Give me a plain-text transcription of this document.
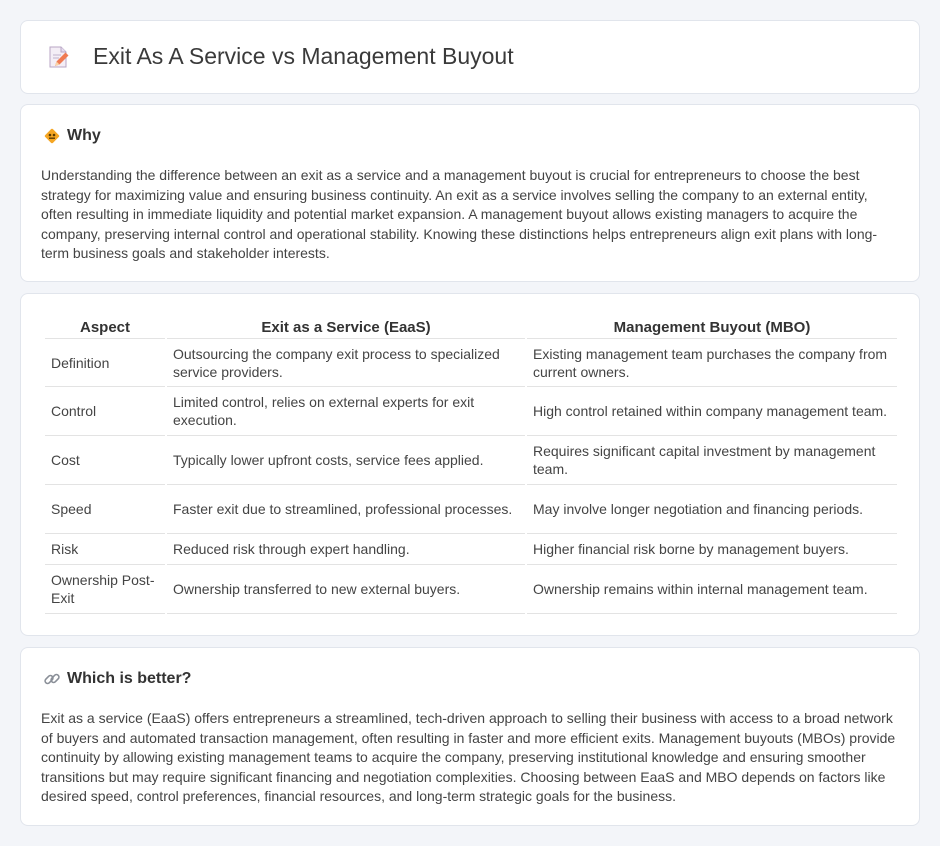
Exit As A Service vs Management Buyout
Why

Understanding the difference between an exit as a service and a management buyout is crucial for entrepreneurs to choose the best strategy for maximizing value and ensuring business continuity. An exit as a service involves selling the company to an external entity, often resulting in immediate liquidity and potential market expansion. A management buyout allows existing managers to acquire the company, preserving internal control and operational stability. Knowing these distinctions helps entrepreneurs align exit plans with long-term business goals and stakeholder interests.

Aspect	Exit as a Service (EaaS)	Management Buyout (MBO)
Definition	Outsourcing the company exit process to specialized service providers.	Existing management team purchases the company from current owners.
Control	Limited control, relies on external experts for exit execution.	High control retained within company management team.
Cost	Typically lower upfront costs, service fees applied.	Requires significant capital investment by management team.
Speed	Faster exit due to streamlined, professional processes.	May involve longer negotiation and financing periods.
Risk	Reduced risk through expert handling.	Higher financial risk borne by management buyers.
Ownership Post-Exit	Ownership transferred to new external buyers.	Ownership remains within internal management team.
Which is better?

Exit as a service (EaaS) offers entrepreneurs a streamlined, tech-driven approach to selling their business with access to a broad network of buyers and automated transaction management, often resulting in faster and more efficient exits. Management buyouts (MBOs) provide continuity by allowing existing management teams to acquire the company, preserving institutional knowledge and ensuring smoother transitions but may require significant financing and negotiation complexities. Choosing between EaaS and MBO depends on factors like desired speed, control preferences, financial resources, and long-term strategic goals for the business.
